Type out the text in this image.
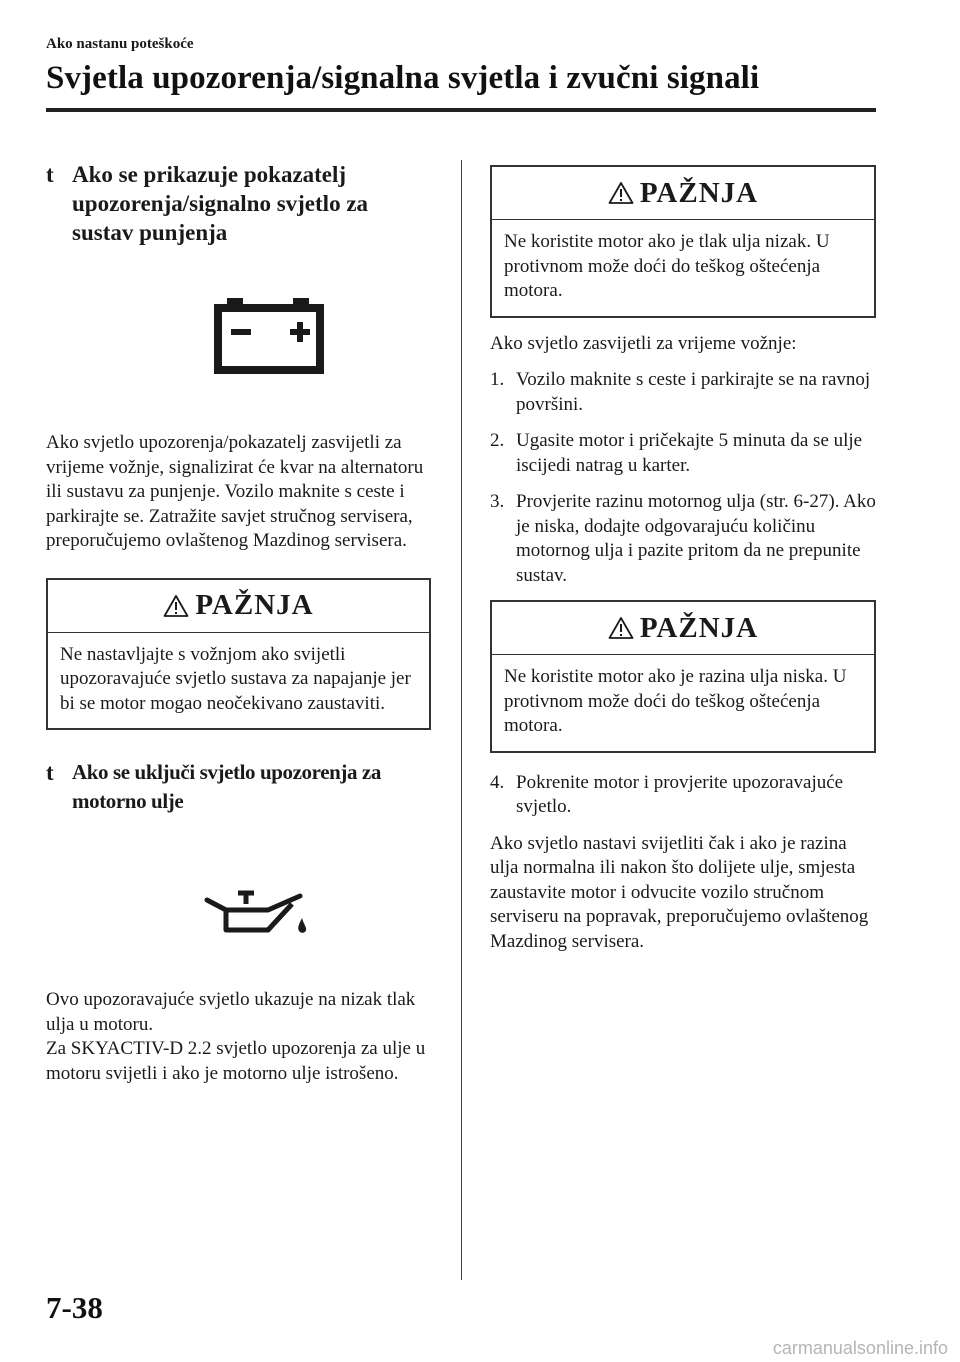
Ako nastanu poteškoće
Svjetla upozorenja/signalna svjetla i zvučni signali
t Ako se prikazuje pokazatelj upozorenja/signalno svjetlo za sustav punjenja

Ako svjetlo upozorenja/pokazatelj zasvijetli za vrijeme vožnje, signalizirat će kvar na alternatoru ili sustavu za punjenje. Vozilo maknite s ceste i parkirajte se. Zatražite savjet stručnog servisera, preporučujemo ovlaštenog Mazdinog servisera.

PAŽNJA
Ne nastavljajte s vožnjom ako svijetli upozoravajuće svjetlo sustava za napajanje jer bi se motor mogao neočekivano zaustaviti.
t Ako se uključi svjetlo upozorenja za motorno ulje

Ovo upozoravajuće svjetlo ukazuje na nizak tlak ulja u motoru.

Za SKYACTIV-D 2.2 svjetlo upozorenja za ulje u motoru svijetli i ako je motorno ulje istrošeno.

PAŽNJA
Ne koristite motor ako je tlak ulja nizak. U protivnom može doći do teškog oštećenja motora.

Ako svjetlo zasvijetli za vrijeme vožnje:

1. Vozilo maknite s ceste i parkirajte se na ravnoj površini.
2. Ugasite motor i pričekajte 5 minuta da se ulje iscijedi natrag u karter.
3. Provjerite razinu motornog ulja (str. 6-27). Ako je niska, dodajte odgovarajuću količinu motornog ulja i pazite pritom da ne prepunite sustav.
PAŽNJA
Ne koristite motor ako je razina ulja niska. U protivnom može doći do teškog oštećenja motora.
4. Pokrenite motor i provjerite upozoravajuće svjetlo.

Ako svjetlo nastavi svijetliti čak i ako je razina ulja normalna ili nakon što dolijete ulje, smjesta zaustavite motor i odvucite vozilo stručnom serviseru na popravak, preporučujemo ovlaštenog Mazdinog servisera.

7-38
carmanualsonline.info
